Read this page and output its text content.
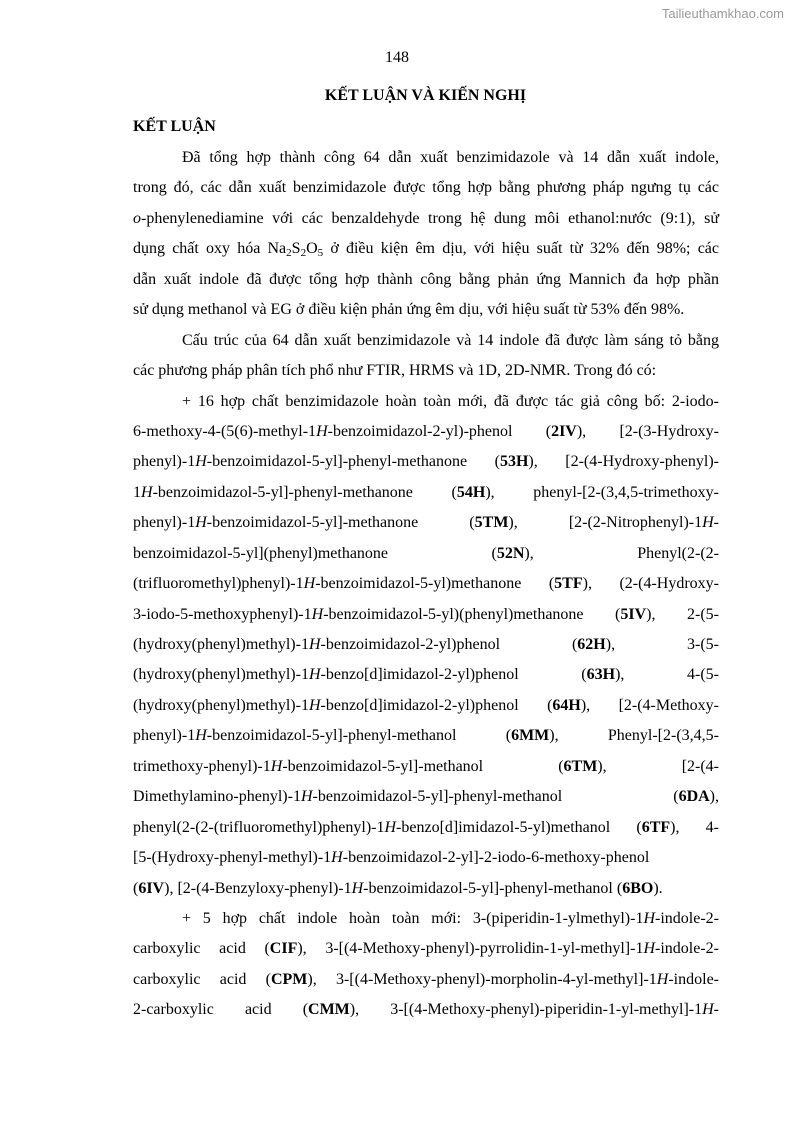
Tailieuthamkhao.com
148
KẾT LUẬN VÀ KIẾN NGHỊ
KẾT LUẬN
Đã tổng hợp thành công 64 dẫn xuất benzimidazole và 14 dẫn xuất indole,
trong đó, các dẫn xuất benzimidazole được tổng hợp bằng phương pháp ngưng tụ các
o-phenylenediamine với các benzaldehyde trong hệ dung môi ethanol:nước (9:1), sử
dụng chất oxy hóa $Na_2S_2O_5$ ở điều kiện êm dịu, với hiệu suất từ 32% đến 98%; các
dẫn xuất indole đã được tổng hợp thành công bằng phản ứng Mannich đa hợp phần
sử dụng methanol và EG ở điều kiện phản ứng êm dịu, với hiệu suất từ 53% đến 98%.
Cấu trúc của 64 dẫn xuất benzimidazole và 14 indole đã được làm sáng tỏ bằng
các phương pháp phân tích phổ như FTIR, HRMS và 1D, 2D-NMR. Trong đó có:
+ 16 hợp chất benzimidazole hoàn toàn mới, đã được tác giả công bố: 2-iodo-
6-methoxy-4-(5(6)-methyl-1H-benzoimidazol-2-yl)-phenol (2IV), [2-(3-Hydroxy-
phenyl)-1H-benzoimidazol-5-yl]-phenyl-methanone (53H), [2-(4-Hydroxy-phenyl)-
1H-benzoimidazol-5-yl]-phenyl-methanone (54H), phenyl-[2-(3,4,5-trimethoxy-
phenyl)-1H-benzoimidazol-5-yl]-methanone (5TM), [2-(2-Nitrophenyl)-1H-
benzoimidazol-5-yl](phenyl)methanone (52N), Phenyl(2-(2-
(trifluoromethyl)phenyl)-1H-benzoimidazol-5-yl)methanone (5TF), (2-(4-Hydroxy-
3-iodo-5-methoxyphenyl)-1H-benzoimidazol-5-yl)(phenyl)methanone (5IV), 2-(5-
(hydroxy(phenyl)methyl)-1H-benzoimidazol-2-yl)phenol (62H), 3-(5-
(hydroxy(phenyl)methyl)-1H-benzo[d]imidazol-2-yl)phenol (63H), 4-(5-
(hydroxy(phenyl)methyl)-1H-benzo[d]imidazol-2-yl)phenol (64H), [2-(4-Methoxy-
phenyl)-1H-benzoimidazol-5-yl]-phenyl-methanol (6MM), Phenyl-[2-(3,4,5-
trimethoxy-phenyl)-1H-benzoimidazol-5-yl]-methanol (6TM), [2-(4-
Dimethylamino-phenyl)-1H-benzoimidazol-5-yl]-phenyl-methanol (6DA),
phenyl(2-(2-(trifluoromethyl)phenyl)-1H-benzo[d]imidazol-5-yl)methanol (6TF), 4-
[5-(Hydroxy-phenyl-methyl)-1H-benzoimidazol-2-yl]-2-iodo-6-methoxy-phenol
(6IV), [2-(4-Benzyloxy-phenyl)-1H-benzoimidazol-5-yl]-phenyl-methanol (6BO).
+ 5 hợp chất indole hoàn toàn mới: 3-(piperidin-1-ylmethyl)-1H-indole-2-
carboxylic acid (CIF), 3-[(4-Methoxy-phenyl)-pyrrolidin-1-yl-methyl]-1H-indole-2-
carboxylic acid (CPM), 3-[(4-Methoxy-phenyl)-morpholin-4-yl-methyl]-1H-indole-
2-carboxylic acid (CMM), 3-[(4-Methoxy-phenyl)-piperidin-1-yl-methyl]-1H-
